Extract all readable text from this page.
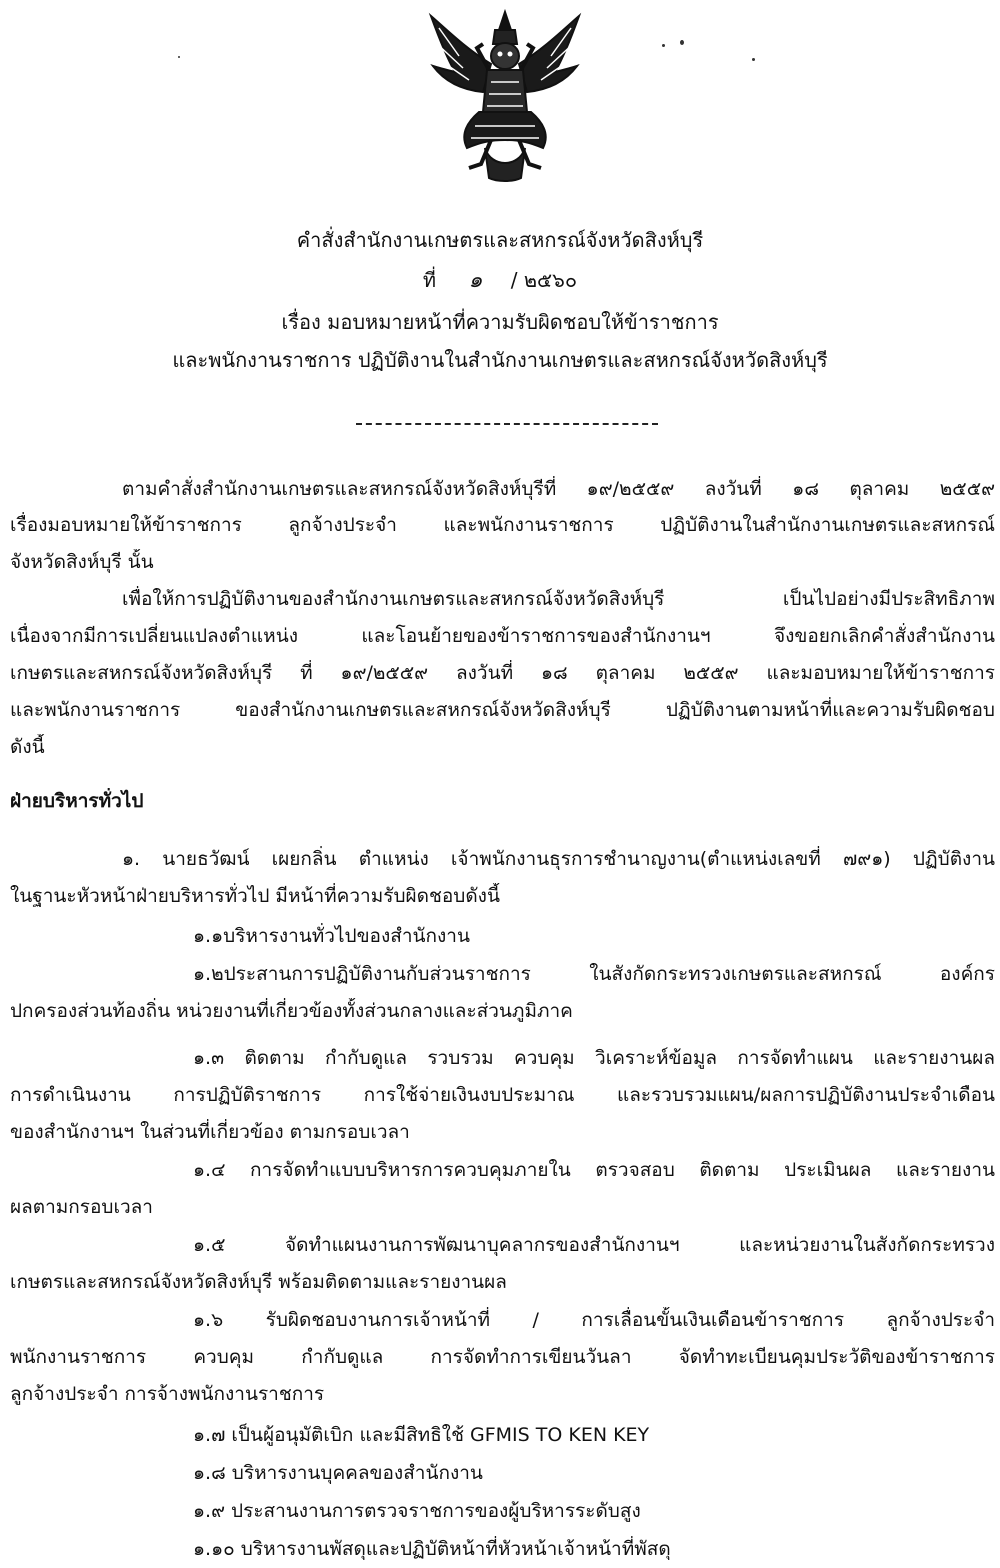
คำสั่งสำนักงานเกษตรและสหกรณ์จังหวัดสิงห์บุรี
ที่ ๑ / ๒๕๖๐
เรื่อง มอบหมายหน้าที่ความรับผิดชอบให้ข้าราชการ
และพนักงานราชการ ปฏิบัติงานในสำนักงานเกษตรและสหกรณ์จังหวัดสิงห์บุรี
ตามคำสั่งสำนักงานเกษตรและสหกรณ์จังหวัดสิงห์บุรีที่ ๑๙/๒๕๕๙ ลงวันที่ ๑๘ ตุลาคม ๒๕๕๙
เรื่องมอบหมายให้ข้าราชการ ลูกจ้างประจำ และพนักงานราชการ ปฏิบัติงานในสำนักงานเกษตรและสหกรณ์
จังหวัดสิงห์บุรี นั้น
เพื่อให้การปฏิบัติงานของสำนักงานเกษตรและสหกรณ์จังหวัดสิงห์บุรี เป็นไปอย่างมีประสิทธิภาพ
เนื่องจากมีการเปลี่ยนแปลงตำแหน่ง และโอนย้ายของข้าราชการของสำนักงานฯ จึงขอยกเลิกคำสั่งสำนักงาน
เกษตรและสหกรณ์จังหวัดสิงห์บุรี ที่ ๑๙/๒๕๕๙ ลงวันที่ ๑๘ ตุลาคม ๒๕๕๙ และมอบหมายให้ข้าราชการ
และพนักงานราชการ ของสำนักงานเกษตรและสหกรณ์จังหวัดสิงห์บุรี ปฏิบัติงานตามหน้าที่และความรับผิดชอบ
ดังนี้
ฝ่ายบริหารทั่วไป
๑. นายธวัฒน์ เผยกลิ่น ตำแหน่ง เจ้าพนักงานธุรการชำนาญงาน(ตำแหน่งเลขที่ ๗๙๑) ปฏิบัติงาน
ในฐานะหัวหน้าฝ่ายบริหารทั่วไป มีหน้าที่ความรับผิดชอบดังนี้
๑.๑บริหารงานทั่วไปของสำนักงาน
๑.๒ประสานการปฏิบัติงานกับส่วนราชการ ในสังกัดกระทรวงเกษตรและสหกรณ์ องค์กร
ปกครองส่วนท้องถิ่น หน่วยงานที่เกี่ยวข้องทั้งส่วนกลางและส่วนภูมิภาค
๑.๓ ติดตาม กำกับดูแล รวบรวม ควบคุม วิเคราะห์ข้อมูล การจัดทำแผน และรายงานผล
การดำเนินงาน การปฏิบัติราชการ การใช้จ่ายเงินงบประมาณ และรวบรวมแผน/ผลการปฏิบัติงานประจำเดือน
ของสำนักงานฯ ในส่วนที่เกี่ยวข้อง ตามกรอบเวลา
๑.๔ การจัดทำแบบบริหารการควบคุมภายใน ตรวจสอบ ติดตาม ประเมินผล และรายงาน
ผลตามกรอบเวลา
๑.๕ จัดทำแผนงานการพัฒนาบุคลากรของสำนักงานฯ และหน่วยงานในสังกัดกระทรวง
เกษตรและสหกรณ์จังหวัดสิงห์บุรี พร้อมติดตามและรายงานผล
๑.๖ รับผิดชอบงานการเจ้าหน้าที่ / การเลื่อนขั้นเงินเดือนข้าราชการ ลูกจ้างประจำ
พนักงานราชการ ควบคุม กำกับดูแล การจัดทำการเขียนวันลา จัดทำทะเบียนคุมประวัติของข้าราชการ
ลูกจ้างประจำ การจ้างพนักงานราชการ
๑.๗ เป็นผู้อนุมัติเบิก และมีสิทธิใช้ GFMIS TO KEN KEY
๑.๘ บริหารงานบุคคลของสำนักงาน
๑.๙ ประสานงานการตรวจราชการของผู้บริหารระดับสูง
๑.๑๐ บริหารงานพัสดุและปฏิบัติหน้าที่หัวหน้าเจ้าหน้าที่พัสดุ
